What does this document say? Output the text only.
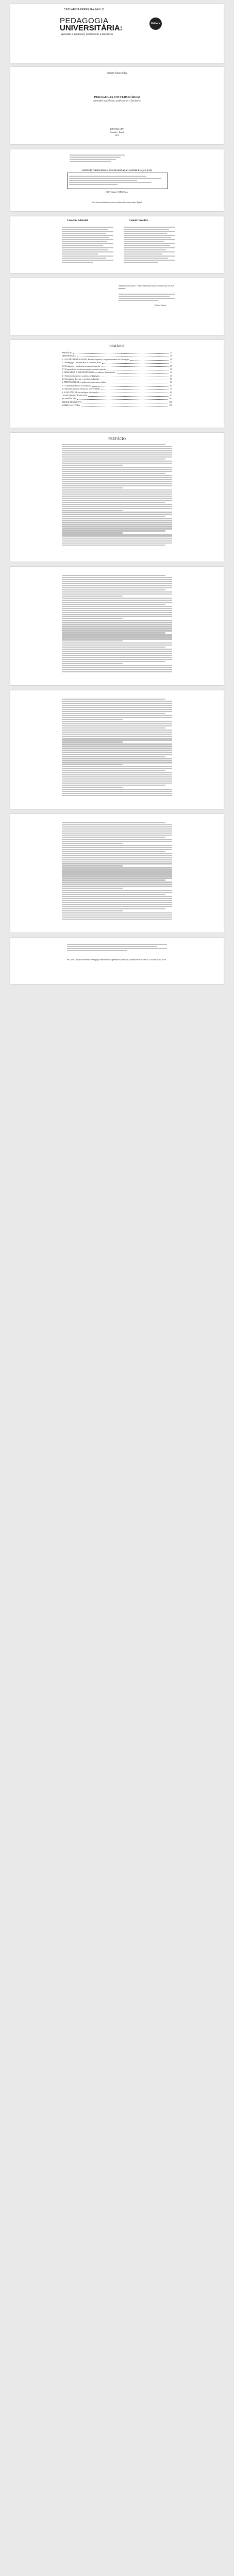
CATHARINA FERREIRA PAULO
PEDAGOGIA
UNIVERSITÁRIA:
aprender a professor, professorar e-Docência
Editora
Sassam Nunes Silva
PEDAGOGIA UNIVERSITÁRIA:
aprender a professor, professorar e-Docência
EDITORA CRV
Curitiba – Brasil
2019
DADOS INTERNACIONAIS DE CATALOGAÇÃO NA PUBLICAÇÃO (CIP)
ISBN Digital / ISBN Físico
Esta obra também encontra-se disponível em formato digital.
Conselho Editorial	Comitê Científico
Ninguém nasce feito: é experimentando-nos no mundo que nós nos fazemos.
(Paulo Freire)
SUMÁRIO
PREFÁCIO	11
INTRODUÇÃO	15
1. CONTEXTUALIZANDO: Ensino Superior e os profissionais da Educação	19
1.1 Pedagogia Universitária: o contexto atual	21
1.2 Pedagogia e docência no ensino superior	27
1.3 Formação de professores para o ensino superior	35
2. APRENDER A SER PROFESSOR: os saberes da docência	41
2.1 Saberes docentes e a prática pedagógica	45
2.2 Identidade docente e profissionalização	53
3. PROFESSORAR: a prática docente universitária	61
3.1 O planejamento e a avaliação	67
3.2 Metodologias de ensino na universidade	75
4. E-DOCÊNCIA: tecnologias e formação	83
CONSIDERAÇÕES FINAIS	97
REFERÊNCIAS	103
ÍNDICE REMISSIVO	115
SOBRE A AUTORA	119
PREFÁCIO
PAULO, Catharina Ferreira. Pedagogia universitária: aprender a professor, professorar e-Docência. Curitiba: CRV, 2019.
